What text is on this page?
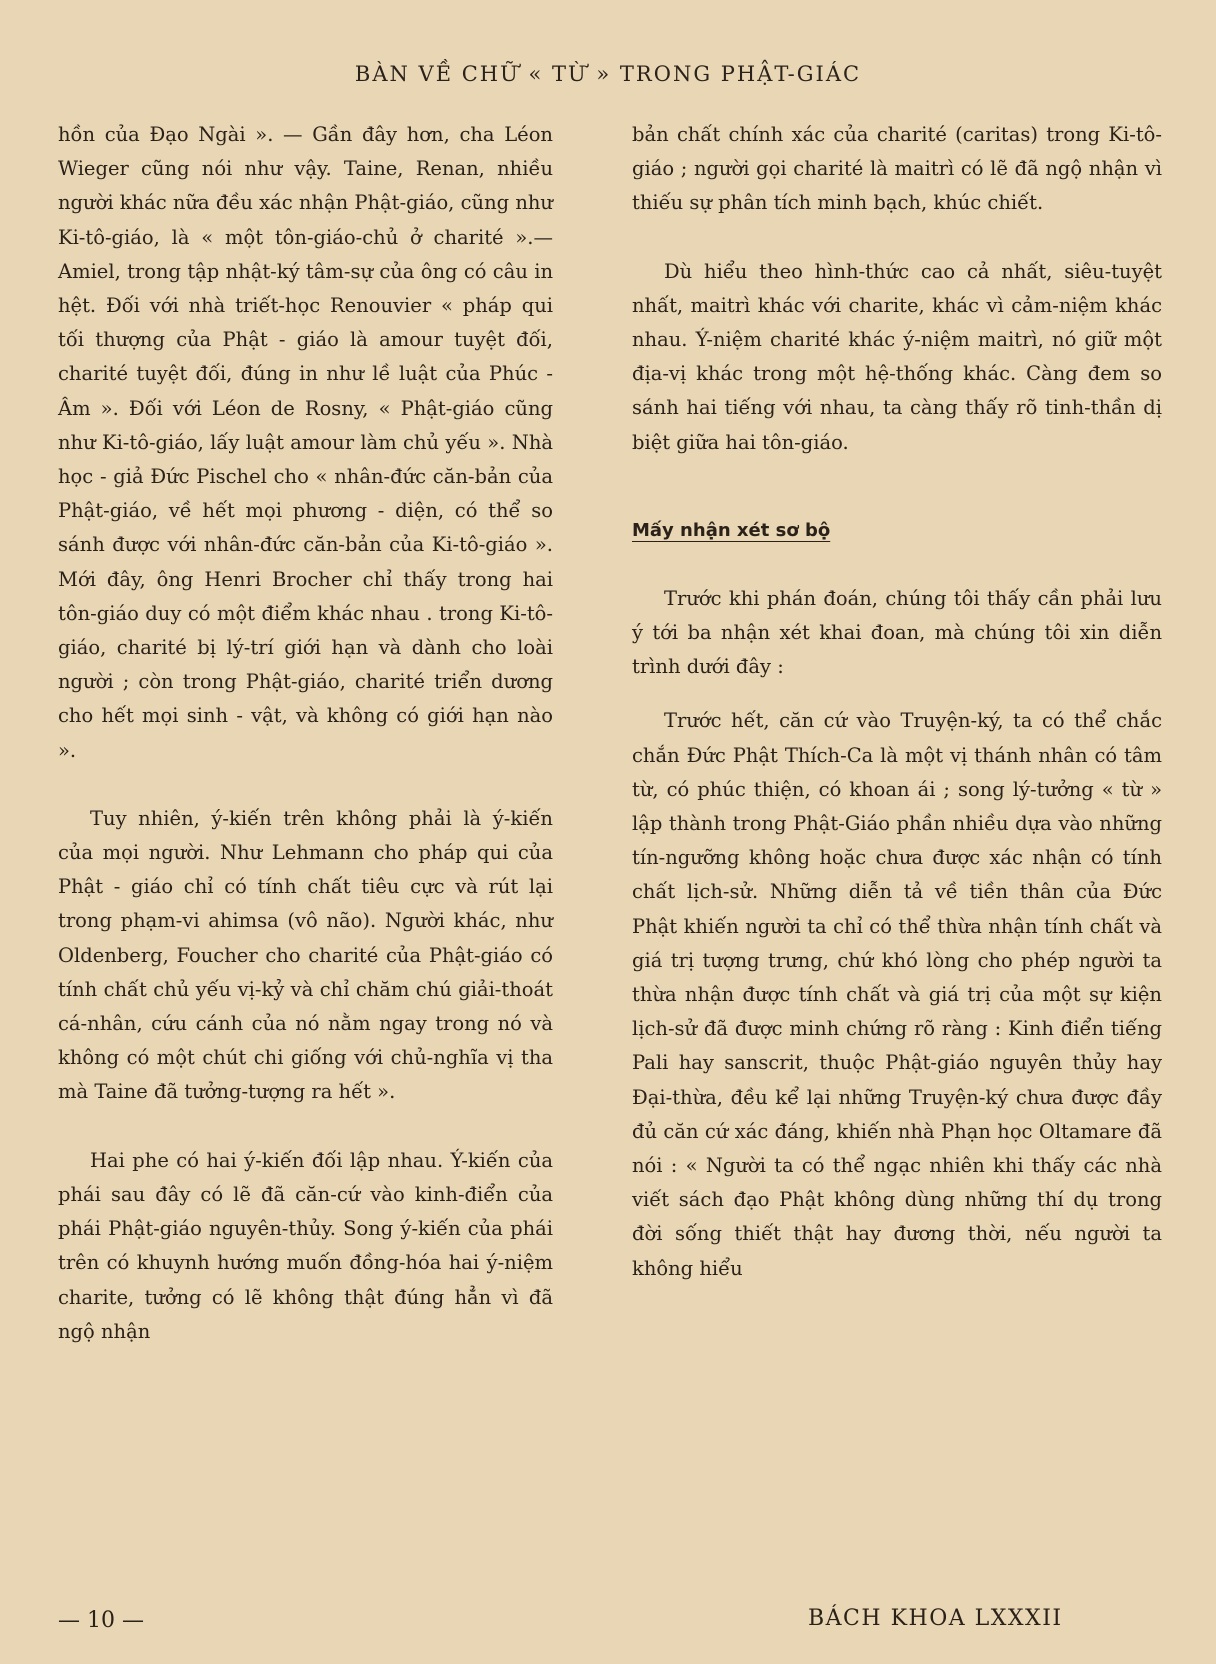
BÀN VỀ CHỮ « TỪ » TRONG PHẬT-GIÁC

hồn của Đạo Ngài ». — Gần đây hơn, cha Léon Wieger cũng nói như vậy. Taine, Renan, nhiều người khác nữa đều xác nhận Phật-giáo, cũng như Ki-tô-giáo, là « một tôn-giáo-chủ ở charité ».— Amiel, trong tập nhật-ký tâm-sự của ông có câu in hệt. Đối với nhà triết-học Renouvier « pháp qui tối thượng của Phật - giáo là amour tuyệt đối, charité tuyệt đối, đúng in như lề luật của Phúc - Âm ». Đối với Léon de Rosny, « Phật-giáo cũng như Ki-tô-giáo, lấy luật amour làm chủ yếu ». Nhà học - giả Đức Pischel cho « nhân-đức căn-bản của Phật-giáo, về hết mọi phương - diện, có thể so sánh được với nhân-đức căn-bản của Ki-tô-giáo ». Mới đây, ông Henri Brocher chỉ thấy trong hai tôn-giáo duy có một điểm khác nhau . trong Ki-tô-giáo, charité bị lý-trí giới hạn và dành cho loài người ; còn trong Phật-giáo, charité triển dương cho hết mọi sinh - vật, và không có giới hạn nào ».

Tuy nhiên, ý-kiến trên không phải là ý-kiến của mọi người. Như Lehmann cho pháp qui của Phật - giáo chỉ có tính chất tiêu cực và rút lại trong phạm-vi ahimsa (vô não). Người khác, như Oldenberg, Foucher cho charité của Phật-giáo có tính chất chủ yếu vị-kỷ và chỉ chăm chú giải-thoát cá-nhân, cứu cánh của nó nằm ngay trong nó và không có một chút chi giống với chủ-nghĩa vị tha mà Taine đã tưởng-tượng ra hết ».

Hai phe có hai ý-kiến đối lập nhau. Ý-kiến của phái sau đây có lẽ đã căn-cứ vào kinh-điển của phái Phật-giáo nguyên-thủy. Song ý-kiến của phái trên có khuynh hướng muốn đồng-hóa hai ý-niệm charite, tưởng có lẽ không thật đúng hẳn vì đã ngộ nhận

bản chất chính xác của charité (caritas) trong Ki-tô-giáo ; người gọi charité là maitrì có lẽ đã ngộ nhận vì thiếu sự phân tích minh bạch, khúc chiết.

Dù hiểu theo hình-thức cao cả nhất, siêu-tuyệt nhất, maitrì khác với charite, khác vì cảm-niệm khác nhau. Ý-niệm charité khác ý-niệm maitrì, nó giữ một địa-vị khác trong một hệ-thống khác. Càng đem so sánh hai tiếng với nhau, ta càng thấy rõ tinh-thần dị biệt giữa hai tôn-giáo.

Mấy nhận xét sơ bộ

Trước khi phán đoán, chúng tôi thấy cần phải lưu ý tới ba nhận xét khai đoan, mà chúng tôi xin diễn trình dưới đây :

Trước hết, căn cứ vào Truyện-ký, ta có thể chắc chắn Đức Phật Thích-Ca là một vị thánh nhân có tâm từ, có phúc thiện, có khoan ái ; song lý-tưởng « từ » lập thành trong Phật-Giáo phần nhiều dựa vào những tín-ngưỡng không hoặc chưa được xác nhận có tính chất lịch-sử. Những diễn tả về tiền thân của Đức Phật khiến người ta chỉ có thể thừa nhận tính chất và giá trị tượng trưng, chứ khó lòng cho phép người ta thừa nhận được tính chất và giá trị của một sự kiện lịch-sử đã được minh chứng rõ ràng : Kinh điển tiếng Pali hay sanscrit, thuộc Phật-giáo nguyên thủy hay Đại-thừa, đều kể lại những Truyện-ký chưa được đầy đủ căn cứ xác đáng, khiến nhà Phạn học Oltamare đã nói : « Người ta có thể ngạc nhiên khi thấy các nhà viết sách đạo Phật không dùng những thí dụ trong đời sống thiết thật hay đương thời, nếu người ta không hiểu

— 10 —	BÁCH KHOA LXXXII
